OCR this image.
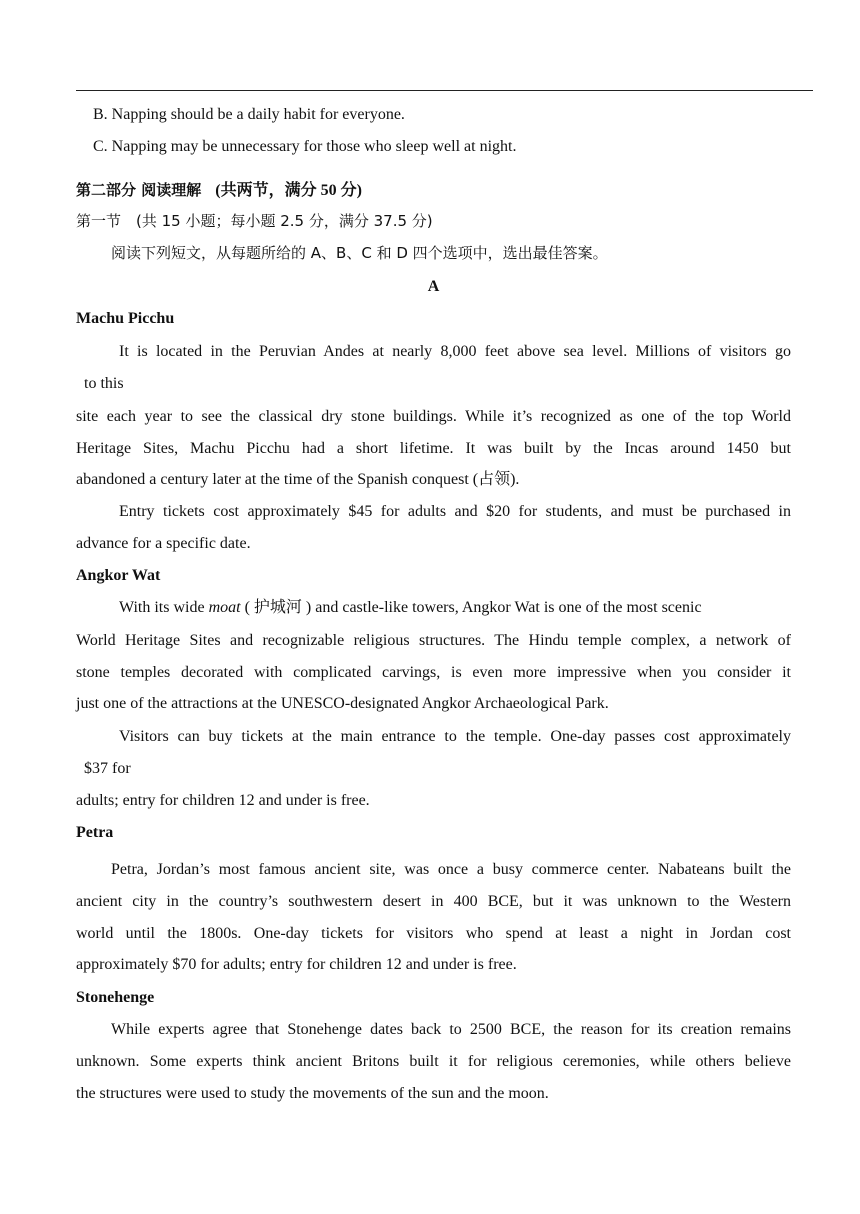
B. Napping should be a daily habit for everyone.
C. Napping may be unnecessary for those who sleep well at night.
第二部分 阅读理解 (共两节，满分 50 分)
第一节　(共 15 小题；每小题 2.5 分，满分 37.5 分)
阅读下列短文，从每题所给的 A、B、C 和 D 四个选项中，选出最佳答案。
A
Machu Picchu
It is located in the Peruvian Andes at nearly 8,000 feet above sea level. Millions of visitors go
to this
site each year to see the classical dry stone buildings. While it’s recognized as one of the top World
Heritage Sites, Machu Picchu had a short lifetime. It was built by the Incas around 1450 but
abandoned a century later at the time of the Spanish conquest (占领).
Entry tickets cost approximately $45 for adults and $20 for students, and must be purchased in
advance for a specific date.
Angkor Wat
With its wide moat ( 护城河 ) and castle-like towers, Angkor Wat is one of the most scenic
World Heritage Sites and recognizable religious structures. The Hindu temple complex, a network of
stone temples decorated with complicated carvings, is even more impressive when you consider it
just one of the attractions at the UNESCO-designated Angkor Archaeological Park.
Visitors can buy tickets at the main entrance to the temple. One-day passes cost approximately
$37 for
adults; entry for children 12 and under is free.
Petra
Petra, Jordan’s most famous ancient site, was once a busy commerce center. Nabateans built the
ancient city in the country’s southwestern desert in 400 BCE, but it was unknown to the Western
world until the 1800s. One-day tickets for visitors who spend at least a night in Jordan cost
approximately $70 for adults; entry for children 12 and under is free.
Stonehenge
While experts agree that Stonehenge dates back to 2500 BCE, the reason for its creation remains
unknown. Some experts think ancient Britons built it for religious ceremonies, while others believe
the structures were used to study the movements of the sun and the moon.
